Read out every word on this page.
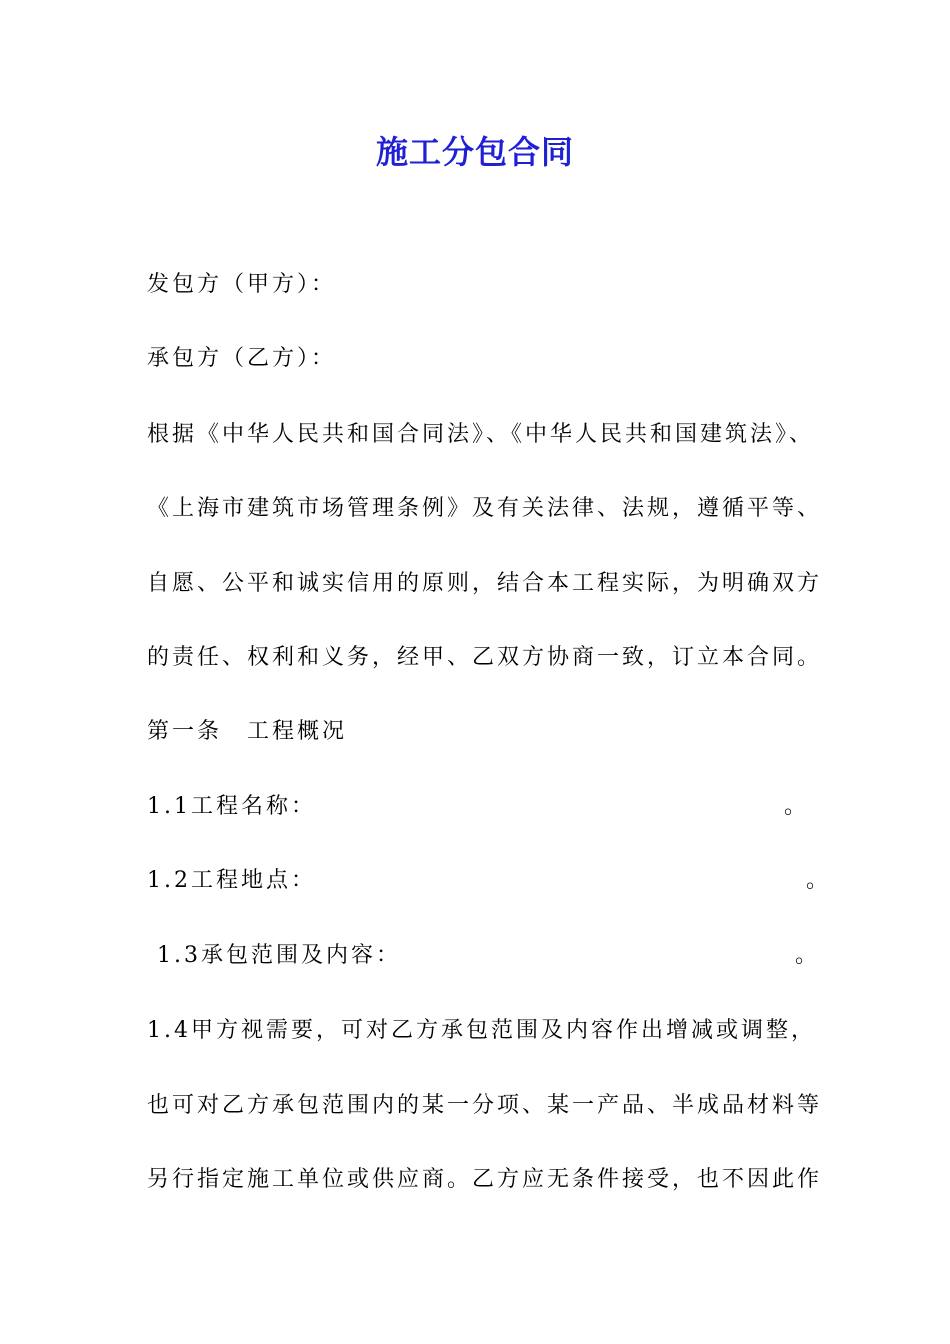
施工分包合同
发包方（甲方）：
承包方（乙方）：
根据《中华人民共和国合同法》、《中华人民共和国建筑法》、
《上海市建筑市场管理条例》及有关法律、法规，遵循平等、
自愿、公平和诚实信用的原则，结合本工程实际，为明确双方
的责任、权利和义务，经甲、乙双方协商一致，订立本合同。
第一条　工程概况
1.1工程名称：	。
1.2工程地点：	。
1.3承包范围及内容：	。
1.4甲方视需要，可对乙方承包范围及内容作出增减或调整，
也可对乙方承包范围内的某一分项、某一产品、半成品材料等
另行指定施工单位或供应商。乙方应无条件接受，也不因此作
